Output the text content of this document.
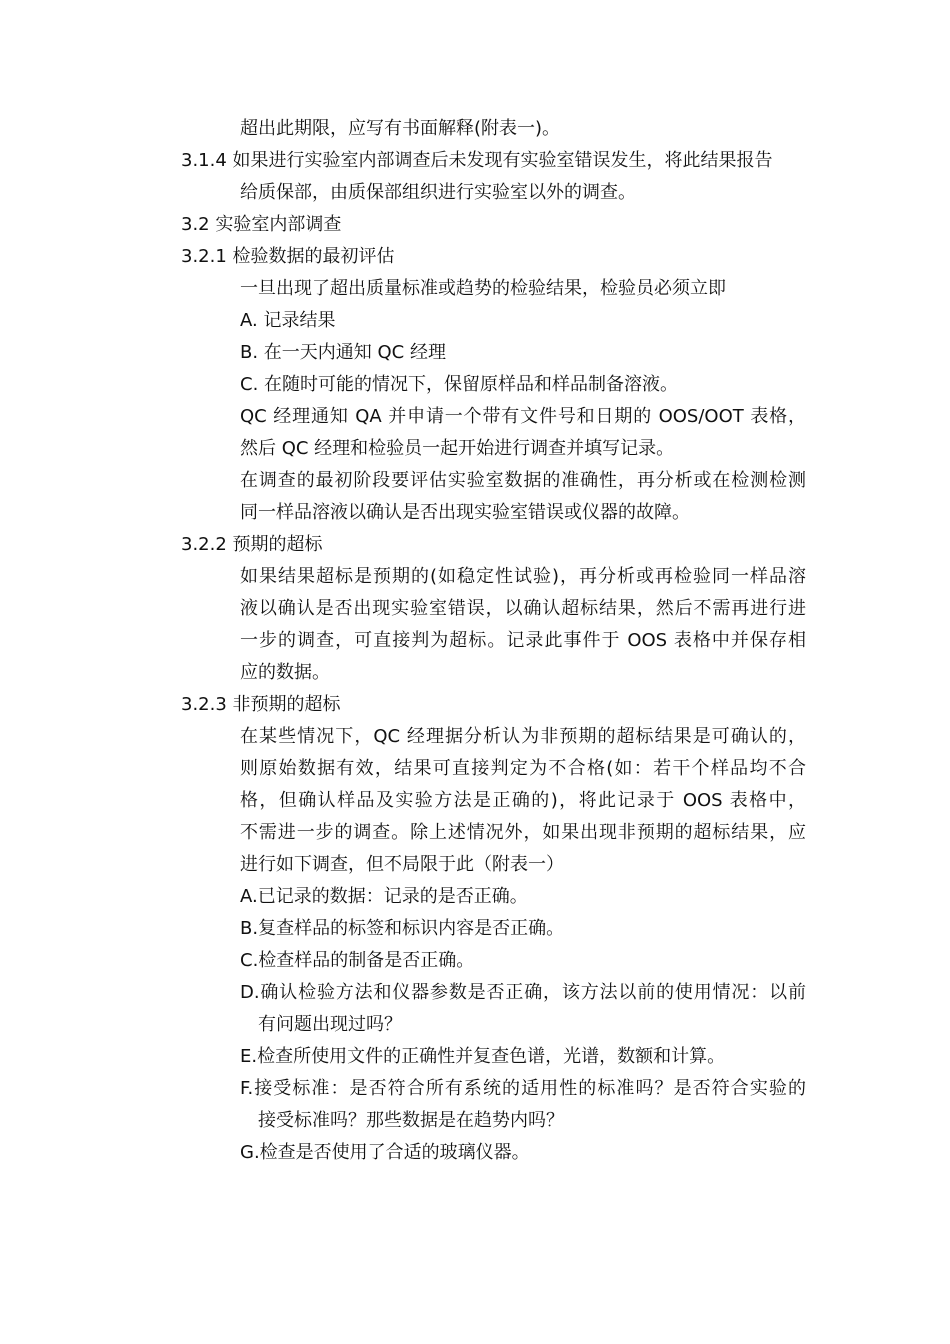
超出此期限，应写有书面解释(附表一)。
3.1.4 如果进行实验室内部调查后未发现有实验室错误发生，将此结果报告
给质保部，由质保部组织进行实验室以外的调查。
3.2 实验室内部调查
3.2.1 检验数据的最初评估
一旦出现了超出质量标准或趋势的检验结果，检验员必须立即
A. 记录结果
B. 在一天内通知 QC 经理
C. 在随时可能的情况下，保留原样品和样品制备溶液。
QC 经理通知 QA 并申请一个带有文件号和日期的 OOS/OOT 表格，
然后 QC 经理和检验员一起开始进行调查并填写记录。
在调查的最初阶段要评估实验室数据的准确性，再分析或在检测检测
同一样品溶液以确认是否出现实验室错误或仪器的故障。
3.2.2 预期的超标
如果结果超标是预期的(如稳定性试验)，再分析或再检验同一样品溶
液以确认是否出现实验室错误，以确认超标结果，然后不需再进行进
一步的调查，可直接判为超标。记录此事件于 OOS 表格中并保存相
应的数据。
3.2.3 非预期的超标
在某些情况下，QC 经理据分析认为非预期的超标结果是可确认的，
则原始数据有效，结果可直接判定为不合格(如：若干个样品均不合
格，但确认样品及实验方法是正确的)，将此记录于 OOS 表格中，
不需进一步的调查。除上述情况外，如果出现非预期的超标结果，应
进行如下调查，但不局限于此（附表一）
A.已记录的数据：记录的是否正确。
B.复查样品的标签和标识内容是否正确。
C.检查样品的制备是否正确。
D.确认检验方法和仪器参数是否正确，该方法以前的使用情况：以前
有问题出现过吗？
E.检查所使用文件的正确性并复查色谱，光谱，数额和计算。
F.接受标准：是否符合所有系统的适用性的标准吗？是否符合实验的
接受标准吗？那些数据是在趋势内吗？
G.检查是否使用了合适的玻璃仪器。
